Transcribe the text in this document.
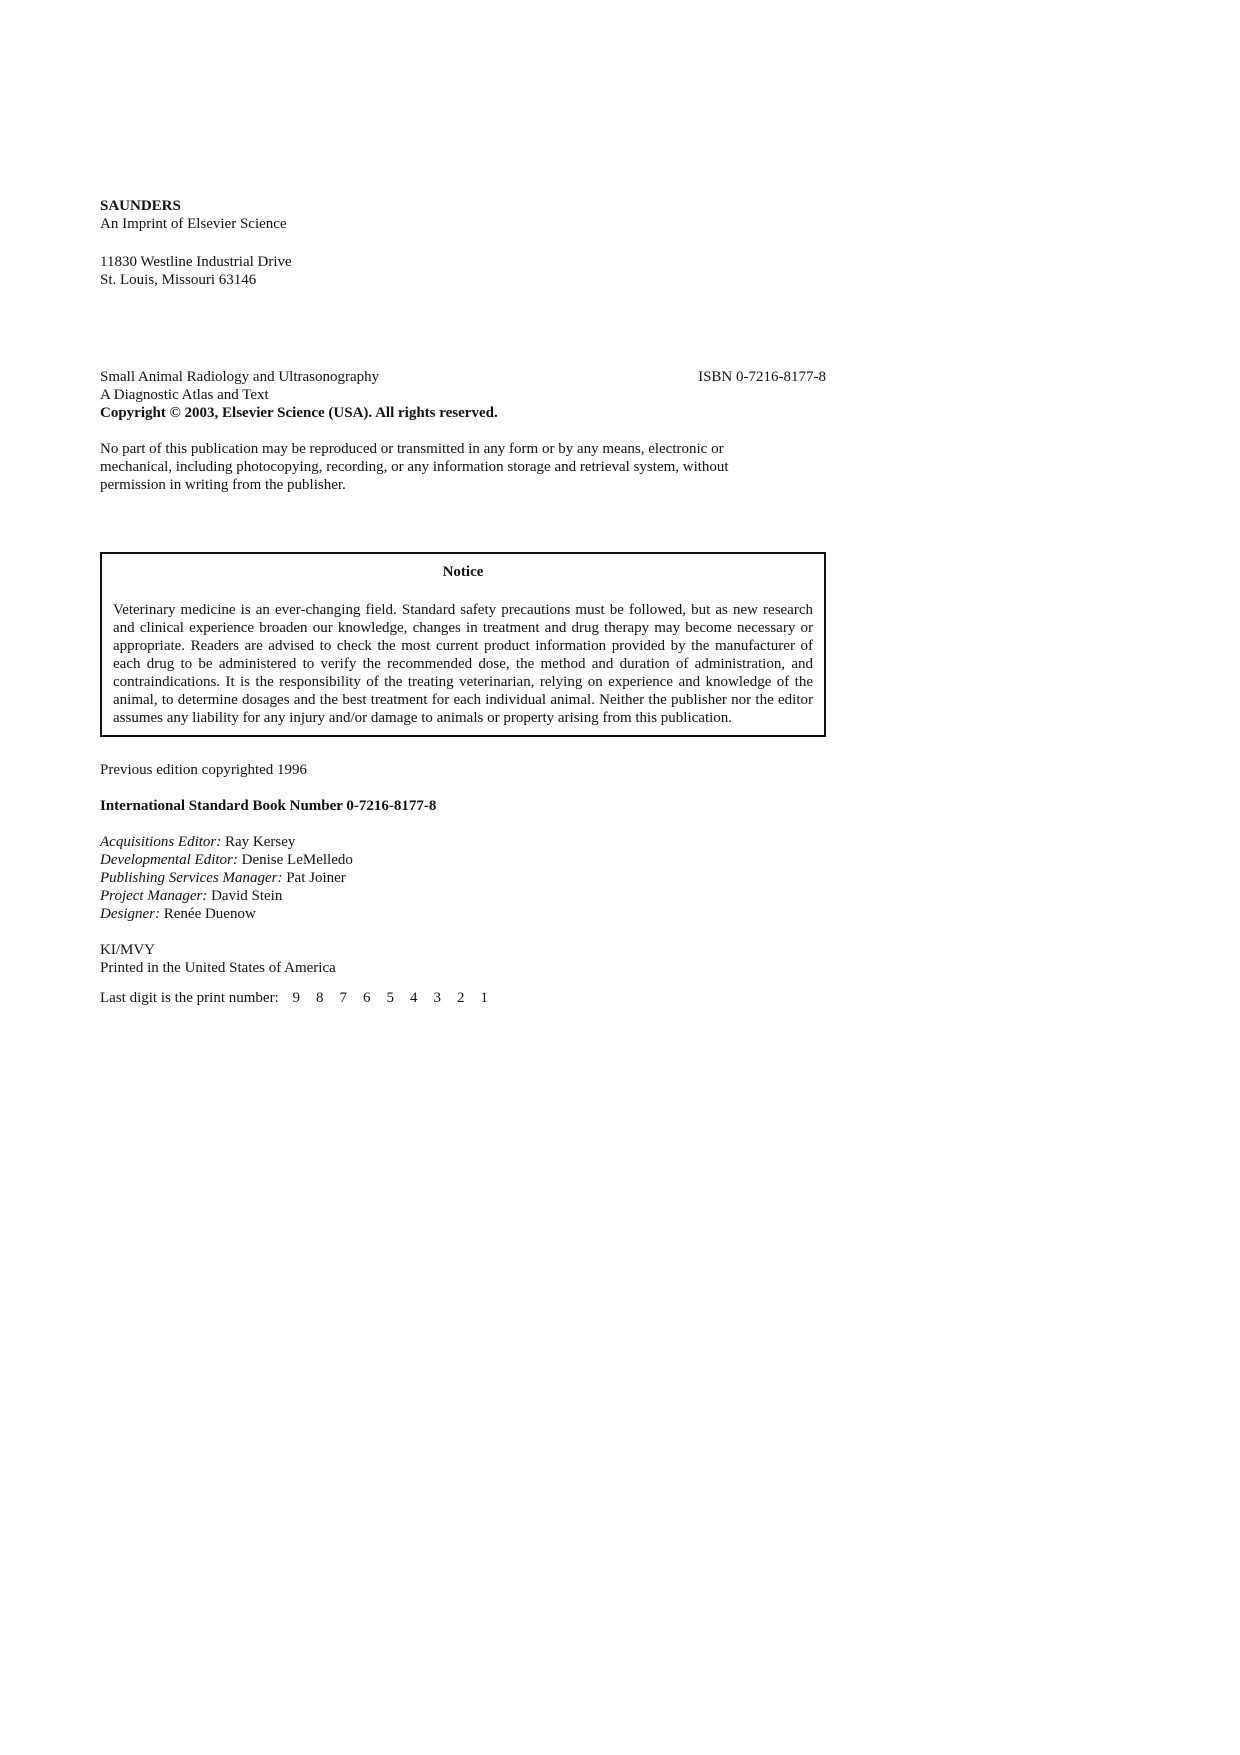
SAUNDERS
An Imprint of Elsevier Science
11830 Westline Industrial Drive
St. Louis, Missouri 63146
Small Animal Radiology and Ultrasonography	ISBN 0-7216-8177-8
A Diagnostic Atlas and Text
Copyright © 2003, Elsevier Science (USA). All rights reserved.
No part of this publication may be reproduced or transmitted in any form or by any means, electronic or
mechanical, including photocopying, recording, or any information storage and retrieval system, without
permission in writing from the publisher.
Notice
Veterinary medicine is an ever-changing field. Standard safety precautions must be followed, but as new research and clinical experience broaden our knowledge, changes in treatment and drug therapy may become necessary or appropriate. Readers are advised to check the most current product information provided by the manufacturer of each drug to be administered to verify the recommended dose, the method and duration of administration, and contraindications. It is the responsibility of the treating veterinarian, relying on experience and knowledge of the animal, to determine dosages and the best treatment for each individual animal. Neither the publisher nor the editor assumes any liability for any injury and/or damage to animals or property arising from this publication.
Previous edition copyrighted 1996
International Standard Book Number 0-7216-8177-8
Acquisitions Editor: Ray Kersey
Developmental Editor: Denise LeMelledo
Publishing Services Manager: Pat Joiner
Project Manager: David Stein
Designer: Renée Duenow
KI/MVY
Printed in the United States of America
Last digit is the print number: 9 8 7 6 5 4 3 2 1
